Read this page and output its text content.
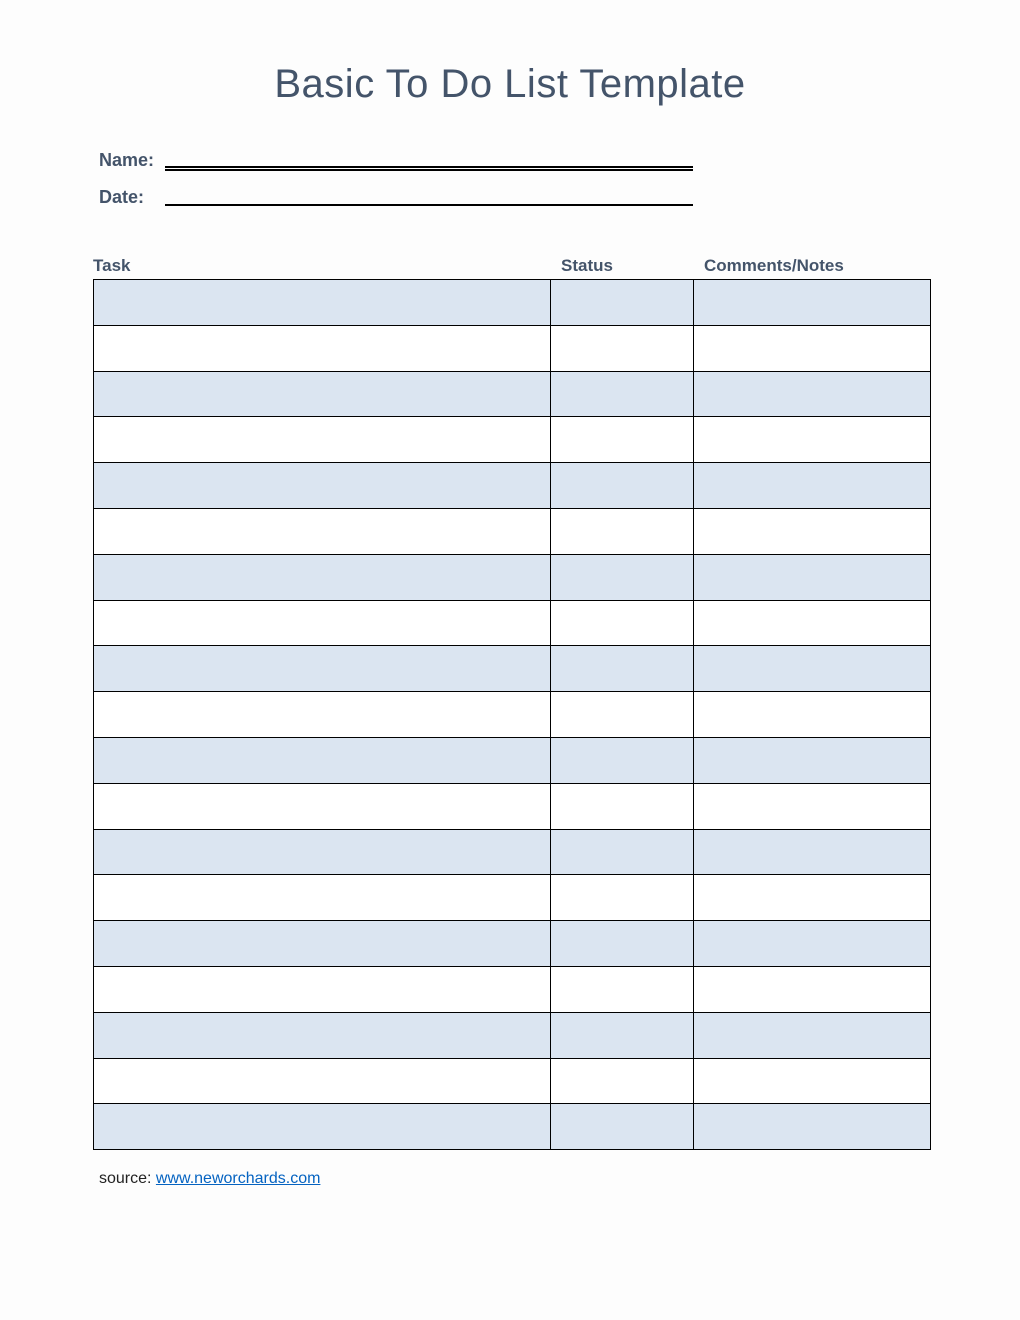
Basic To Do List Template
Name:
Date:
Task	Status	Comments/Notes

source: www.neworchards.com
